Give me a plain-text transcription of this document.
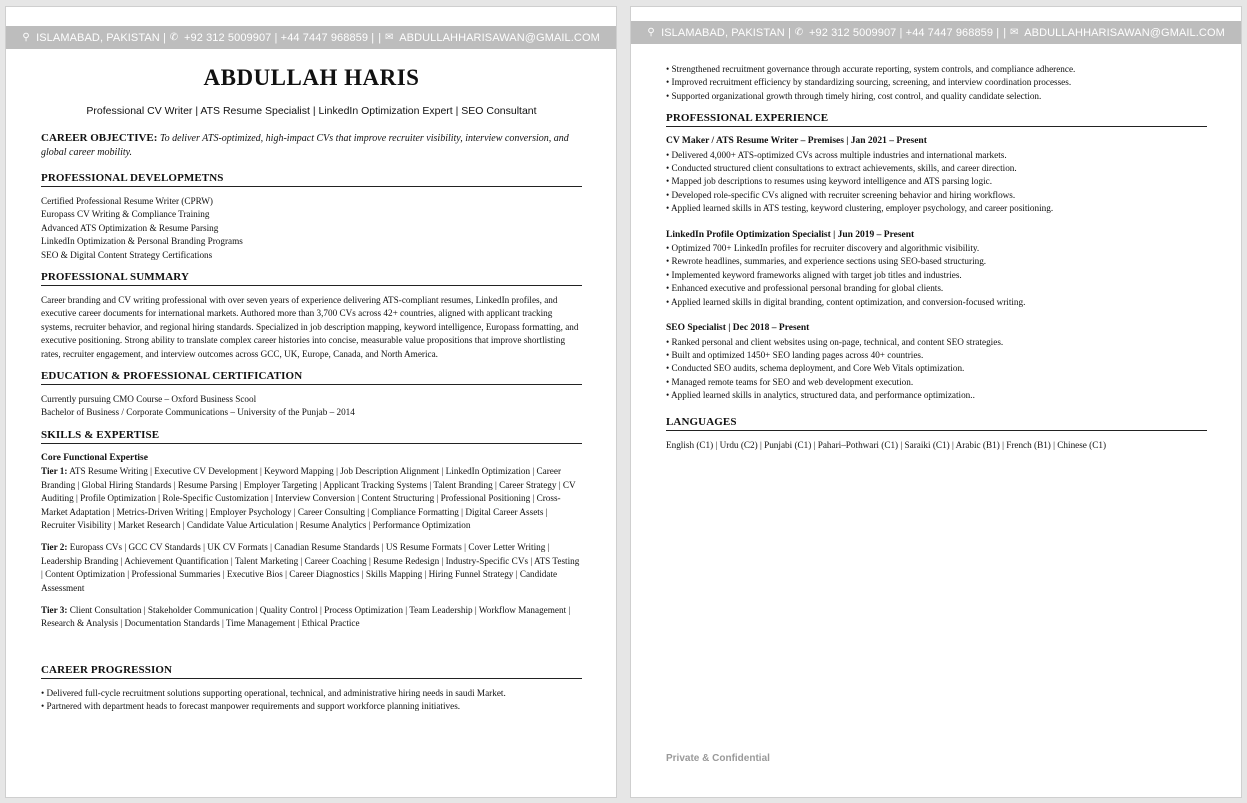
⚲ ISLAMABAD, PAKISTAN | ✆ +92 312 5009907 | +44 7447 968859 | | ✉ ABDULLAHHARISAWAN@GMAIL.COM
ABDULLAH HARIS
Professional CV Writer | ATS Resume Specialist | LinkedIn Optimization Expert | SEO Consultant
CAREER OBJECTIVE: To deliver ATS-optimized, high-impact CVs that improve recruiter visibility, interview conversion, and global career mobility.
PROFESSIONAL DEVELOPMETNS
Certified Professional Resume Writer (CPRW)
Europass CV Writing & Compliance Training
Advanced ATS Optimization & Resume Parsing
LinkedIn Optimization & Personal Branding Programs
SEO & Digital Content Strategy Certifications
PROFESSIONAL SUMMARY
Career branding and CV writing professional with over seven years of experience delivering ATS-compliant resumes, LinkedIn profiles, and executive career documents for international markets. Authored more than 3,700 CVs across 42+ countries, aligned with applicant tracking systems, recruiter behavior, and regional hiring standards. Specialized in job description mapping, keyword intelligence, Europass formatting, and executive positioning. Strong ability to translate complex career histories into concise, measurable value propositions that improve shortlisting rates, recruiter engagement, and interview outcomes across GCC, UK, Europe, Canada, and North America.
EDUCATION & PROFESSIONAL CERTIFICATION
Currently pursuing CMO Course – Oxford Business Scool
Bachelor of Business / Corporate Communications – University of the Punjab – 2014
SKILLS & EXPERTISE
Core Functional Expertise
Tier 1: ATS Resume Writing | Executive CV Development | Keyword Mapping | Job Description Alignment | LinkedIn Optimization | Career Branding | Global Hiring Standards | Resume Parsing | Employer Targeting | Applicant Tracking Systems | Talent Branding | Career Strategy | CV Auditing | Profile Optimization | Role-Specific Customization | Interview Conversion | Content Structuring | Professional Positioning | Cross-Market Adaptation | Metrics-Driven Writing | Employer Psychology | Career Consulting | Compliance Formatting | Digital Career Assets | Recruiter Visibility | Market Research | Candidate Value Articulation | Resume Analytics | Performance Optimization
Tier 2: Europass CVs | GCC CV Standards | UK CV Formats | Canadian Resume Standards | US Resume Formats | Cover Letter Writing | Leadership Branding | Achievement Quantification | Talent Marketing | Career Coaching | Resume Redesign | Industry-Specific CVs | ATS Testing | Content Optimization | Professional Summaries | Executive Bios | Career Diagnostics | Skills Mapping | Hiring Funnel Strategy | Candidate Assessment
Tier 3: Client Consultation | Stakeholder Communication | Quality Control | Process Optimization | Team Leadership | Workflow Management | Research & Analysis | Documentation Standards | Time Management | Ethical Practice
CAREER PROGRESSION
• Delivered full-cycle recruitment solutions supporting operational, technical, and administrative hiring needs in saudi Market.
• Partnered with department heads to forecast manpower requirements and support workforce planning initiatives.
⚲ ISLAMABAD, PAKISTAN | ✆ +92 312 5009907 | +44 7447 968859 | | ✉ ABDULLAHHARISAWAN@GMAIL.COM
• Strengthened recruitment governance through accurate reporting, system controls, and compliance adherence.
• Improved recruitment efficiency by standardizing sourcing, screening, and interview coordination processes.
• Supported organizational growth through timely hiring, cost control, and quality candidate selection.
PROFESSIONAL EXPERIENCE
CV Maker / ATS Resume Writer – Premises | Jan 2021 – Present
• Delivered 4,000+ ATS-optimized CVs across multiple industries and international markets.
• Conducted structured client consultations to extract achievements, skills, and career direction.
• Mapped job descriptions to resumes using keyword intelligence and ATS parsing logic.
• Developed role-specific CVs aligned with recruiter screening behavior and hiring workflows.
• Applied learned skills in ATS testing, keyword clustering, employer psychology, and career positioning.
LinkedIn Profile Optimization Specialist | Jun 2019 – Present
• Optimized 700+ LinkedIn profiles for recruiter discovery and algorithmic visibility.
• Rewrote headlines, summaries, and experience sections using SEO-based structuring.
• Implemented keyword frameworks aligned with target job titles and industries.
• Enhanced executive and professional personal branding for global clients.
• Applied learned skills in digital branding, content optimization, and conversion-focused writing.
SEO Specialist | Dec 2018 – Present
• Ranked personal and client websites using on-page, technical, and content SEO strategies.
• Built and optimized 1450+ SEO landing pages across 40+ countries.
• Conducted SEO audits, schema deployment, and Core Web Vitals optimization.
• Managed remote teams for SEO and web development execution.
• Applied learned skills in analytics, structured data, and performance optimization..
LANGUAGES
English (C1) | Urdu (C2) | Punjabi (C1) | Pahari–Pothwari (C1) | Saraiki (C1) | Arabic (B1) | French (B1) | Chinese (C1)
Private & Confidential
